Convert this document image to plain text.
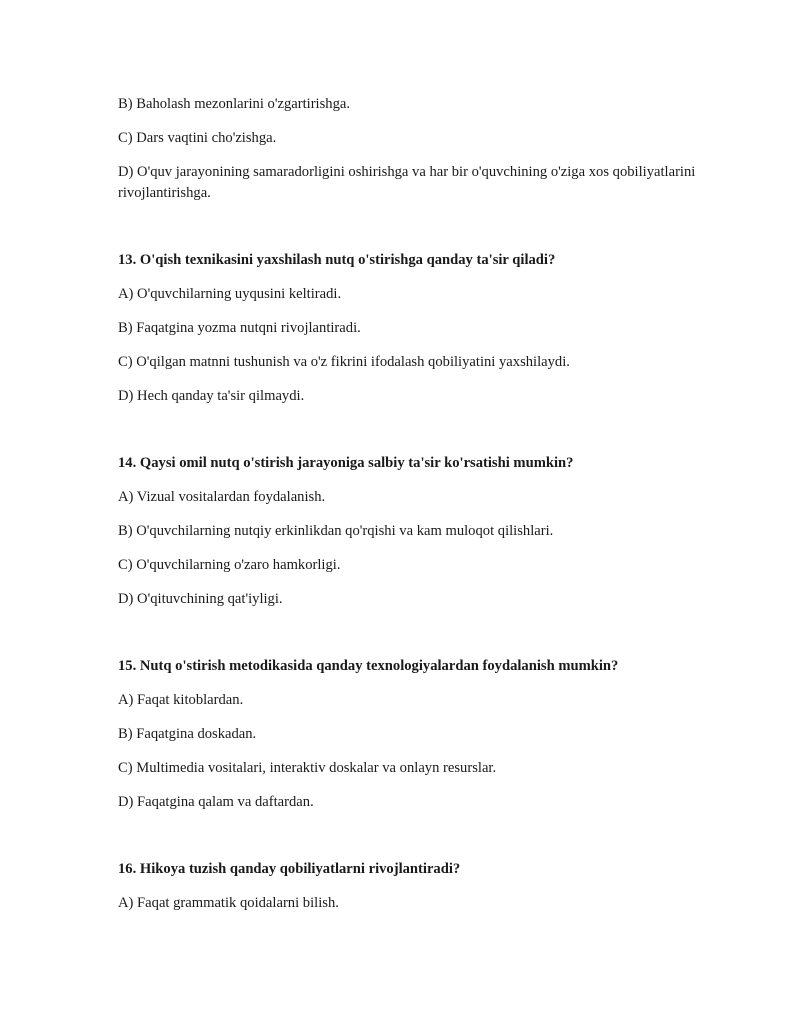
B) Baholash mezonlarini o'zgartirishga.
C) Dars vaqtini cho'zishga.
D) O'quv jarayonining samaradorligini oshirishga va har bir o'quvchining o'ziga xos qobiliyatlarini rivojlantirishga.
13. O'qish texnikasini yaxshilash nutq o'stirishga qanday ta'sir qiladi?
A) O'quvchilarning uyqusini keltiradi.
B) Faqatgina yozma nutqni rivojlantiradi.
C) O'qilgan matnni tushunish va o'z fikrini ifodalash qobiliyatini yaxshilaydi.
D) Hech qanday ta'sir qilmaydi.
14. Qaysi omil nutq o'stirish jarayoniga salbiy ta'sir ko'rsatishi mumkin?
A) Vizual vositalardan foydalanish.
B) O'quvchilarning nutqiy erkinlikdan qo'rqishi va kam muloqot qilishlari.
C) O'quvchilarning o'zaro hamkorligi.
D) O'qituvchining qat'iyligi.
15. Nutq o'stirish metodikasida qanday texnologiyalardan foydalanish mumkin?
A) Faqat kitoblardan.
B) Faqatgina doskadan.
C) Multimedia vositalari, interaktiv doskalar va onlayn resurslar.
D) Faqatgina qalam va daftardan.
16. Hikoya tuzish qanday qobiliyatlarni rivojlantiradi?
A) Faqat grammatik qoidalarni bilish.
